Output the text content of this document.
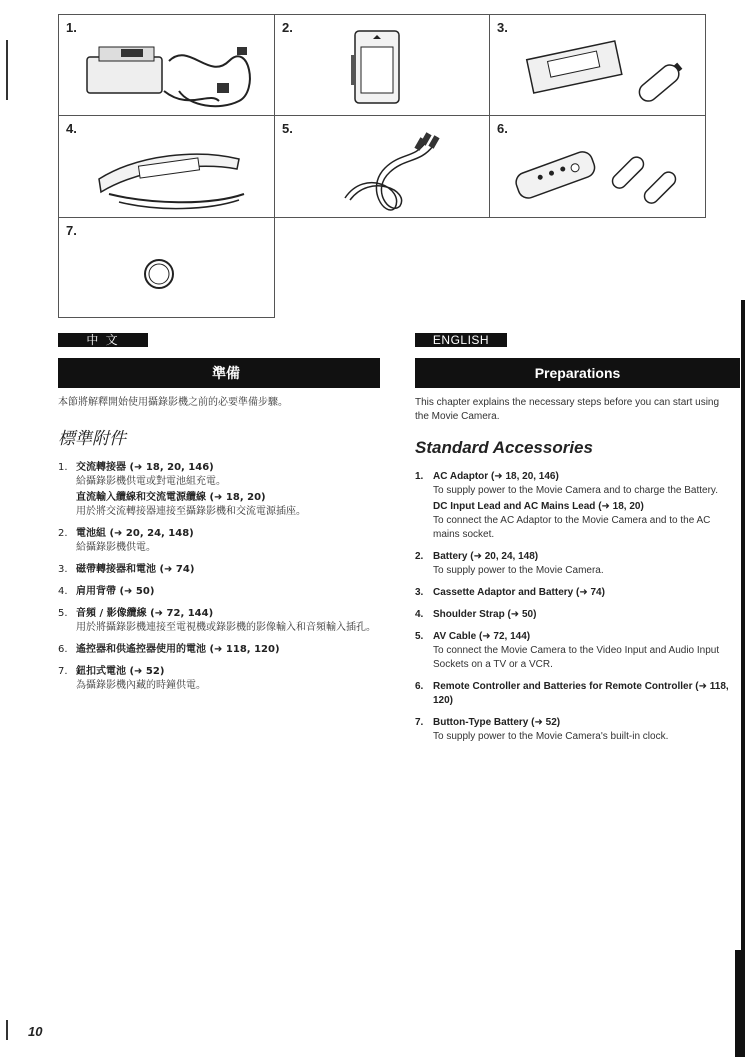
1.	2.	3.
4.	5.	6.
7.
中 文
準備
ENGLISH
Preparations

本節將解釋開始使用攝錄影機之前的必要準備步驟。

標準附件
1. 交流轉接器 (➜ 18, 20, 146)
給攝錄影機供電或對電池組充電。
直流輸入纜線和交流電源纜線 (➜ 18, 20)
用於將交流轉接器連接至攝錄影機和交流電源插座。
2. 電池組 (➜ 20, 24, 148)
給攝錄影機供電。
3. 磁帶轉接器和電池 (➜ 74)
4. 肩用背帶 (➜ 50)
5. 音頻 / 影像纜線 (➜ 72, 144)
用於將攝錄影機連接至電視機或錄影機的影像輸入和音頻輸入插孔。
6. 遙控器和供遙控器使用的電池 (➜ 118, 120)
7. 鈕扣式電池 (➜ 52)
為攝錄影機內藏的時鐘供電。

This chapter explains the necessary steps before you can start using the Movie Camera.

Standard Accessories
1. AC Adaptor (➜ 18, 20, 146)
To supply power to the Movie Camera and to charge the Battery.
DC Input Lead and AC Mains Lead (➜ 18, 20)
To connect the AC Adaptor to the Movie Camera and to the AC mains socket.
2. Battery (➜ 20, 24, 148)
To supply power to the Movie Camera.
3. Cassette Adaptor and Battery (➜ 74)
4. Shoulder Strap (➜ 50)
5. AV Cable (➜ 72, 144)
To connect the Movie Camera to the Video Input and Audio Input Sockets on a TV or a VCR.
6. Remote Controller and Batteries for Remote Controller (➜ 118, 120)
7. Button-Type Battery (➜ 52)
To supply power to the Movie Camera's built-in clock.
10
